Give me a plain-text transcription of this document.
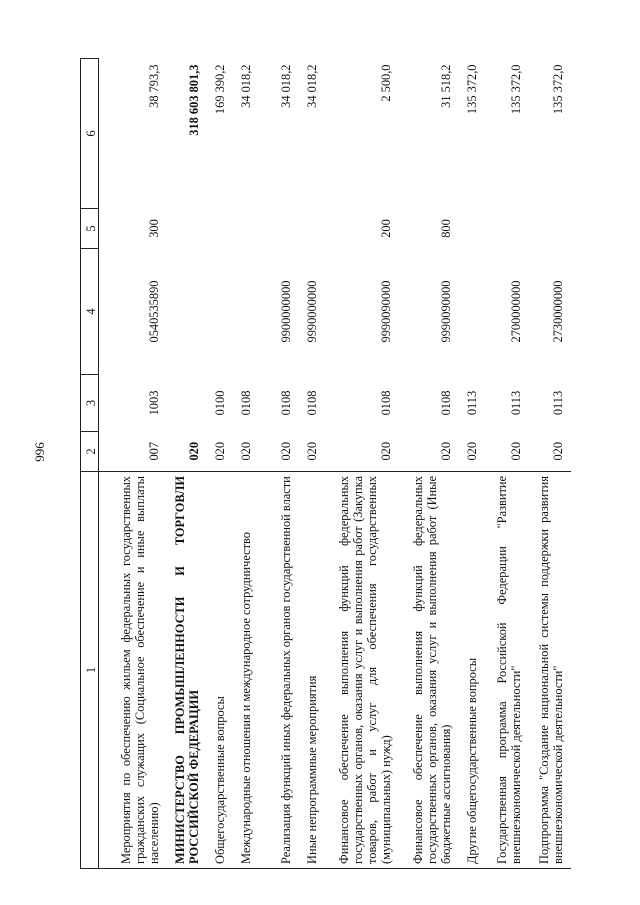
996
1	2	3	4	5	6
Мероприятия по обеспечению жильем федеральных государственных гражданских служащих (Социальное обеспечение и иные выплаты населению)	007	1003	0540535890	300	38 793,3
МИНИСТЕРСТВО ПРОМЫШЛЕННОСТИ И ТОРГОВЛИ РОССИЙСКОЙ ФЕДЕРАЦИИ	020				318 603 801,3
Общегосударственные вопросы	020	0100			169 390,2
Международные отношения и международное сотрудничество	020	0108			34 018,2
Реализация функций иных федеральных органов государственной власти	020	0108	9900000000		34 018,2
Иные непрограммные мероприятия	020	0108	9990000000		34 018,2
Финансовое обеспечение выполнения функций федеральных государственных органов, оказания услуг и выполнения работ (Закупка товаров, работ и услуг для обеспечения государственных (муниципальных) нужд)	020	0108	9990090000	200	2 500,0
Финансовое обеспечение выполнения функций федеральных государственных органов, оказания услуг и выполнения работ (Иные бюджетные ассигнования)	020	0108	9990090000	800	31 518,2
Другие общегосударственные вопросы	020	0113			135 372,0
Государственная программа Российской Федерации "Развитие внешнеэкономической деятельности"	020	0113	2700000000		135 372,0
Подпрограмма "Создание национальной системы поддержки развития внешнеэкономической деятельности"	020	0113	2730000000		135 372,0
